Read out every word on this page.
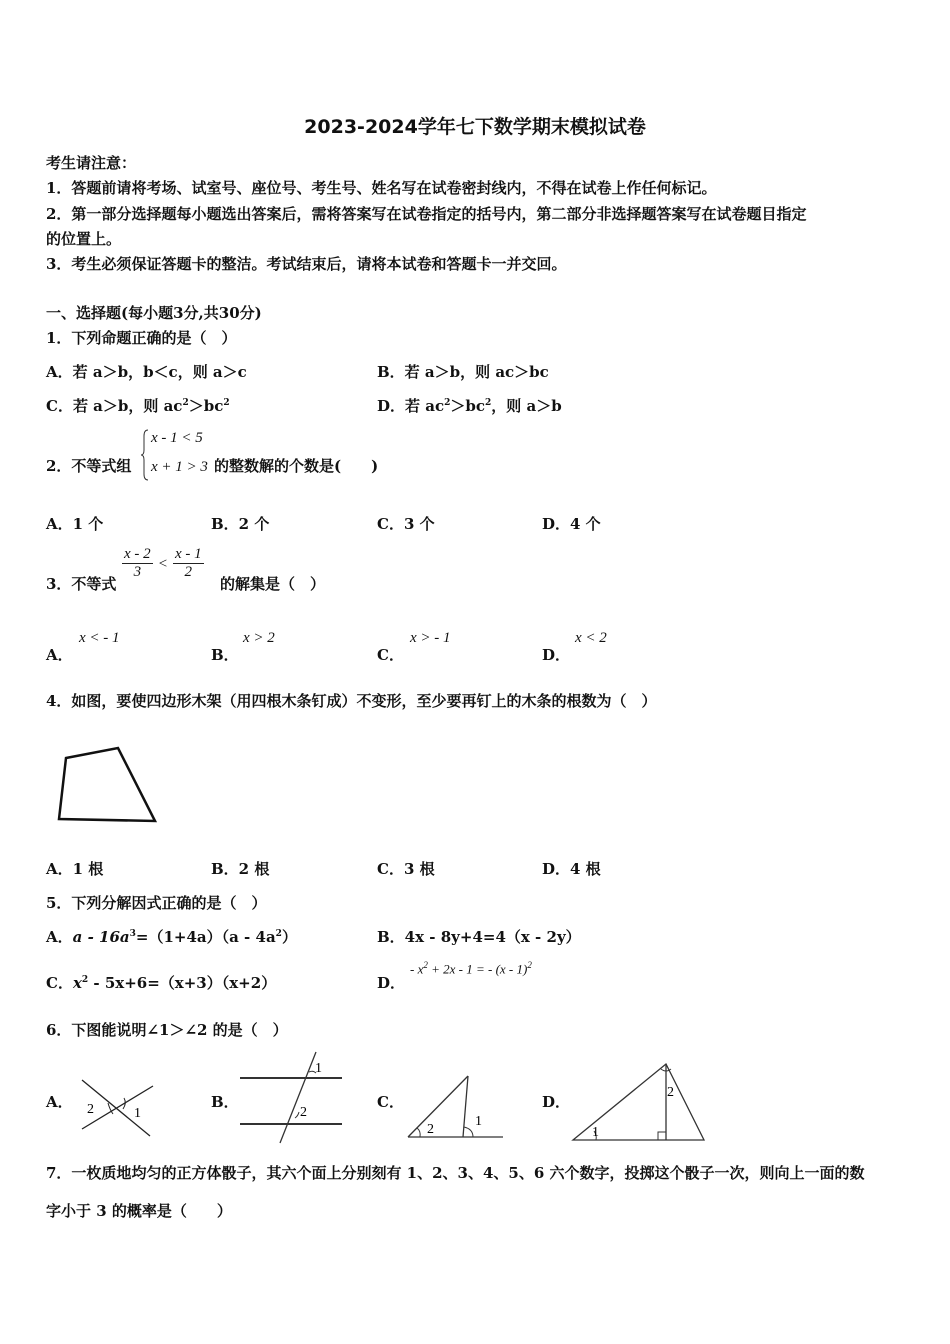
2023-2024学年七下数学期末模拟试卷
考生请注意：
1．答题前请将考场、试室号、座位号、考生号、姓名写在试卷密封线内，不得在试卷上作任何标记。
2．第一部分选择题每小题选出答案后，需将答案写在试卷指定的括号内，第二部分非选择题答案写在试卷题目指定
的位置上。
3．考生必须保证答题卡的整洁。考试结束后，请将本试卷和答题卡一并交回。
一、选择题(每小题3分,共30分)
1．下列命题正确的是（　）
A．若 a＞b，b＜c，则 a＞c	B．若 a＞b，则 ac＞bc
C．若 a＞b，则 $ac^2>bc^2$	D．若 $ac^2>bc^2$，则 a＞b
2．不等式组
x - 1 < 5
x + 1 > 3 的整数解的个数是(　　)
A．1 个	B．2 个	C．3 个	D．4 个
3．不等式
$\frac{x - 2}{3} < \frac{x - 1}{2}$
的解集是（　）
A．
x < - 1
B．
x > 2
C．
x > - 1
D．
x < 2
4．如图，要使四边形木架（用四根木条钉成）不变形，至少要再钉上的木条的根数为（　）
A．1 根	B．2 根	C．3 根	D．4 根
5．下列分解因式正确的是（　）
A．$a - 16a^3=(1+4a)(a - 4a^2)$	B．4x - 8y+4=4（x - 2y）
C．$x^2 - 5x+6=(x+3)(x+2)$	D．
- $x^2 + 2x - 1$ = - (x - 1)$^2$
6．下图能说明∠1＞∠2 的是（　）
A． 2	1
B．
1
2
C．
2
1
D．
2
1
7．一枚质地均匀的正方体骰子，其六个面上分别刻有 1、2、3、4、5、6 六个数字，投掷这个骰子一次，则向上一面的数
字小于 3 的概率是（　　）
